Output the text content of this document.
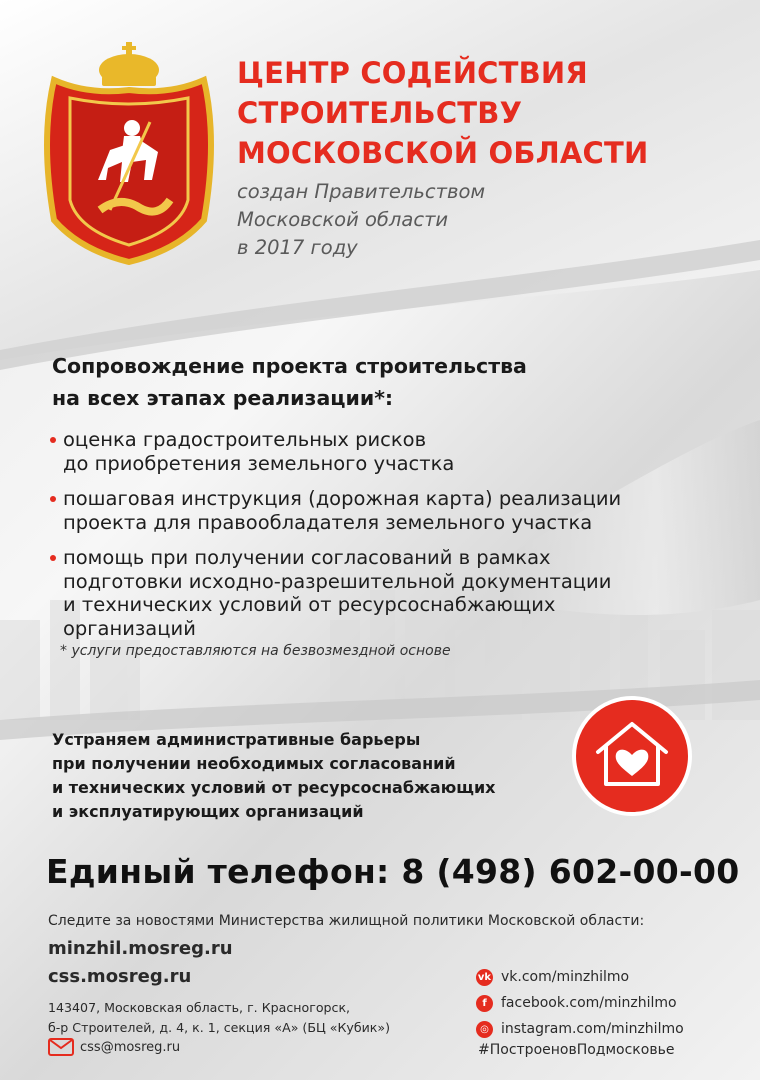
ЦЕНТР СОДЕЙСТВИЯ
СТРОИТЕЛЬСТВУ
МОСКОВСКОЙ ОБЛАСТИ
создан Правительством
Московской области
в 2017 году
Сопровождение проекта строительства
на всех этапах реализации*:
оценка градостроительных рисков
до приобретения земельного участка
пошаговая инструкция (дорожная карта) реализации
проекта для правообладателя земельного участка
помощь при получении согласований в рамках
подготовки исходно-разрешительной документации
и технических условий от ресурсоснабжающих
организаций
* услуги предоставляются на безвозмездной основе
Устраняем административные барьеры
при получении необходимых согласований
и технических условий от ресурсоснабжающих
и эксплуатирующих организаций
Единый телефон: 8 (498) 602-00-00
Следите за новостями Министерства жилищной политики Московской области:
minzhil.mosreg.ru
css.mosreg.ru
143407, Московская область, г. Красногорск,
б-р Строителей, д. 4, к. 1, секция «А» (БЦ «Кубик»)
css@mosreg.ru
vk vk.com/minzhilmo
f	facebook.com/minzhilmo
◎ instagram.com/minzhilmo
#ПостроеновПодмосковье
